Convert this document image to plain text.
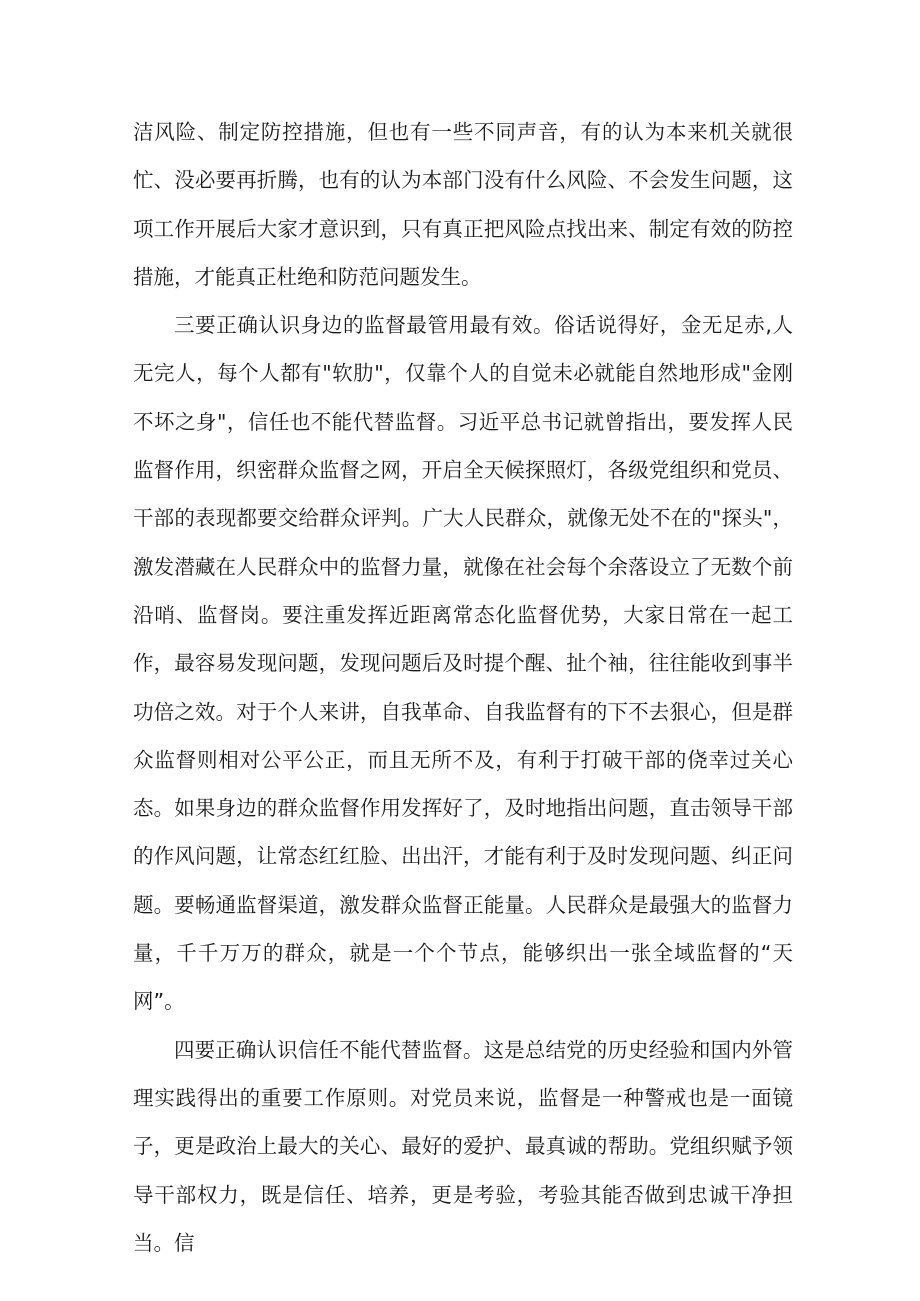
洁风险、制定防控措施，但也有一些不同声音，有的认为本来机关就很忙、没必要再折腾，也有的认为本部门没有什么风险、不会发生问题，这项工作开展后大家才意识到，只有真正把风险点找出来、制定有效的防控措施，才能真正杜绝和防范问题发生。

三要正确认识身边的监督最管用最有效。俗话说得好，金无足赤,人无完人，每个人都有"软肋"，仅靠个人的自觉未必就能自然地形成"金刚不坏之身"，信任也不能代替监督。习近平总书记就曾指出，要发挥人民监督作用，织密群众监督之网，开启全天候探照灯，各级党组织和党员、干部的表现都要交给群众评判。广大人民群众，就像无处不在的"探头"，激发潜藏在人民群众中的监督力量，就像在社会每个余落设立了无数个前沿哨、监督岗。要注重发挥近距离常态化监督优势，大家日常在一起工作，最容易发现问题，发现问题后及时提个醒、扯个袖，往往能收到事半功倍之效。对于个人来讲，自我革命、自我监督有的下不去狠心，但是群众监督则相对公平公正，而且无所不及，有利于打破干部的侥幸过关心态。如果身边的群众监督作用发挥好了，及时地指出问题，直击领导干部的作风问题，让常态红红脸、出出汗，才能有利于及时发现问题、纠正问题。要畅通监督渠道，激发群众监督正能量。人民群众是最强大的监督力量，千千万万的群众，就是一个个节点，能够织出一张全域监督的“天网”。

四要正确认识信任不能代替监督。这是总结党的历史经验和国内外管理实践得出的重要工作原则。对党员来说，监督是一种警戒也是一面镜子，更是政治上最大的关心、最好的爱护、最真诚的帮助。党组织赋予领导干部权力，既是信任、培养，更是考验，考验其能否做到忠诚干净担当。信
